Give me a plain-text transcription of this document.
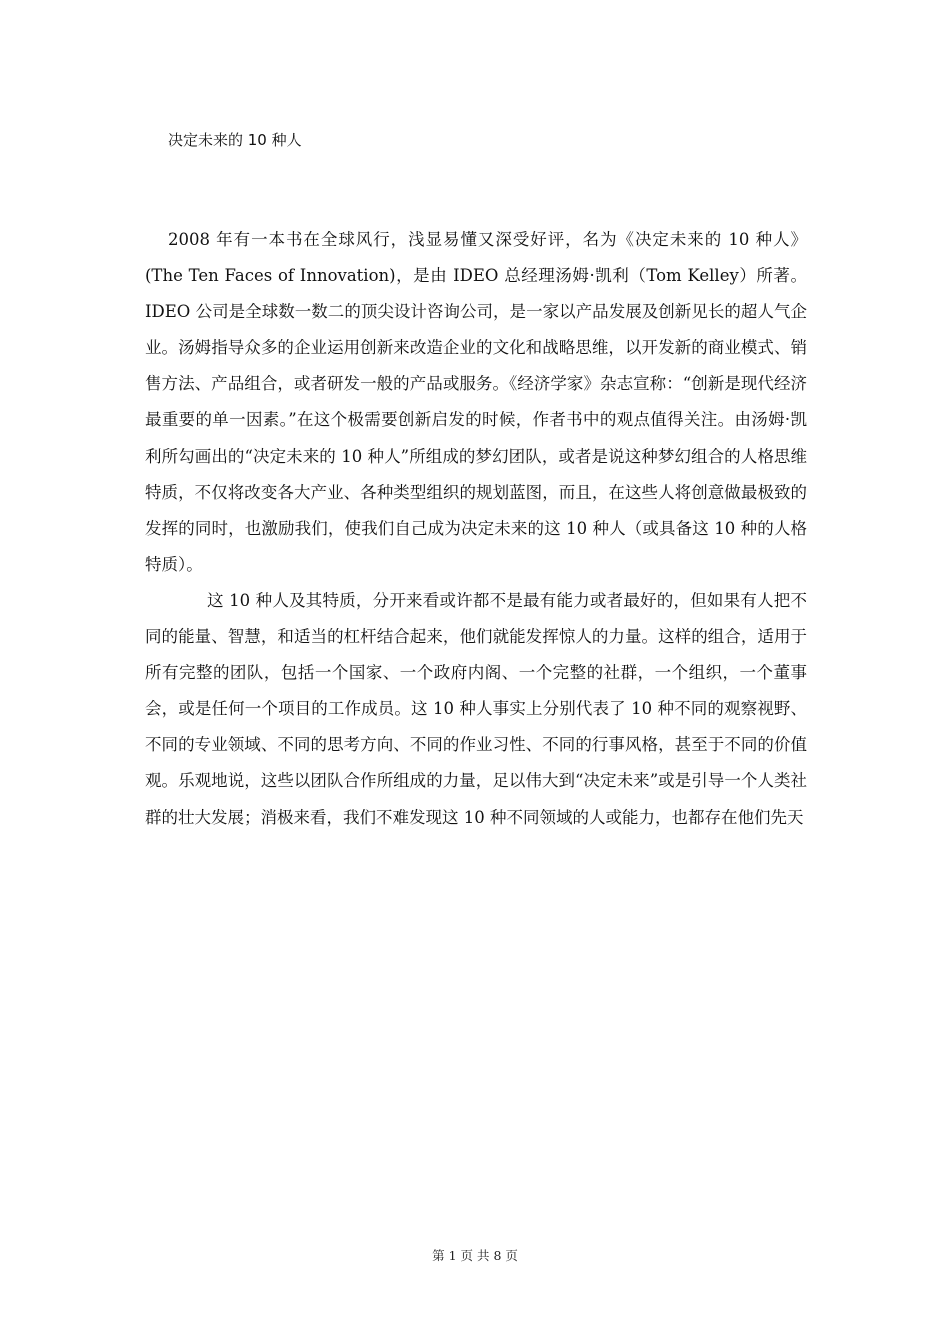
决定未来的 10 种人

2008 年有一本书在全球风行，浅显易懂又深受好评，名为《决定未来的 10 种人》(The Ten Faces of Innovation)，是由 IDEO 总经理汤姆·凯利（Tom Kelley）所著。IDEO 公司是全球数一数二的顶尖设计咨询公司，是一家以产品发展及创新见长的超人气企业。汤姆指导众多的企业运用创新来改造企业的文化和战略思维，以开发新的商业模式、销售方法、产品组合，或者研发一般的产品或服务。《经济学家》杂志宣称：“创新是现代经济最重要的单一因素。”在这个极需要创新启发的时候，作者书中的观点值得关注。由汤姆·凯利所勾画出的“决定未来的 10 种人”所组成的梦幻团队，或者是说这种梦幻组合的人格思维特质，不仅将改变各大产业、各种类型组织的规划蓝图，而且，在这些人将创意做最极致的发挥的同时，也激励我们，使我们自己成为决定未来的这 10 种人（或具备这 10 种的人格特质）。

这 10 种人及其特质，分开来看或许都不是最有能力或者最好的，但如果有人把不同的能量、智慧，和适当的杠杆结合起来，他们就能发挥惊人的力量。这样的组合，适用于所有完整的团队，包括一个国家、一个政府内阁、一个完整的社群，一个组织，一个董事会，或是任何一个项目的工作成员。这 10 种人事实上分别代表了 10 种不同的观察视野、不同的专业领域、不同的思考方向、不同的作业习性、不同的行事风格，甚至于不同的价值观。乐观地说，这些以团队合作所组成的力量，足以伟大到“决定未来”或是引导一个人类社群的壮大发展；消极来看，我们不难发现这 10 种不同领域的人或能力，也都存在他们先天

第 1 页 共 8 页
